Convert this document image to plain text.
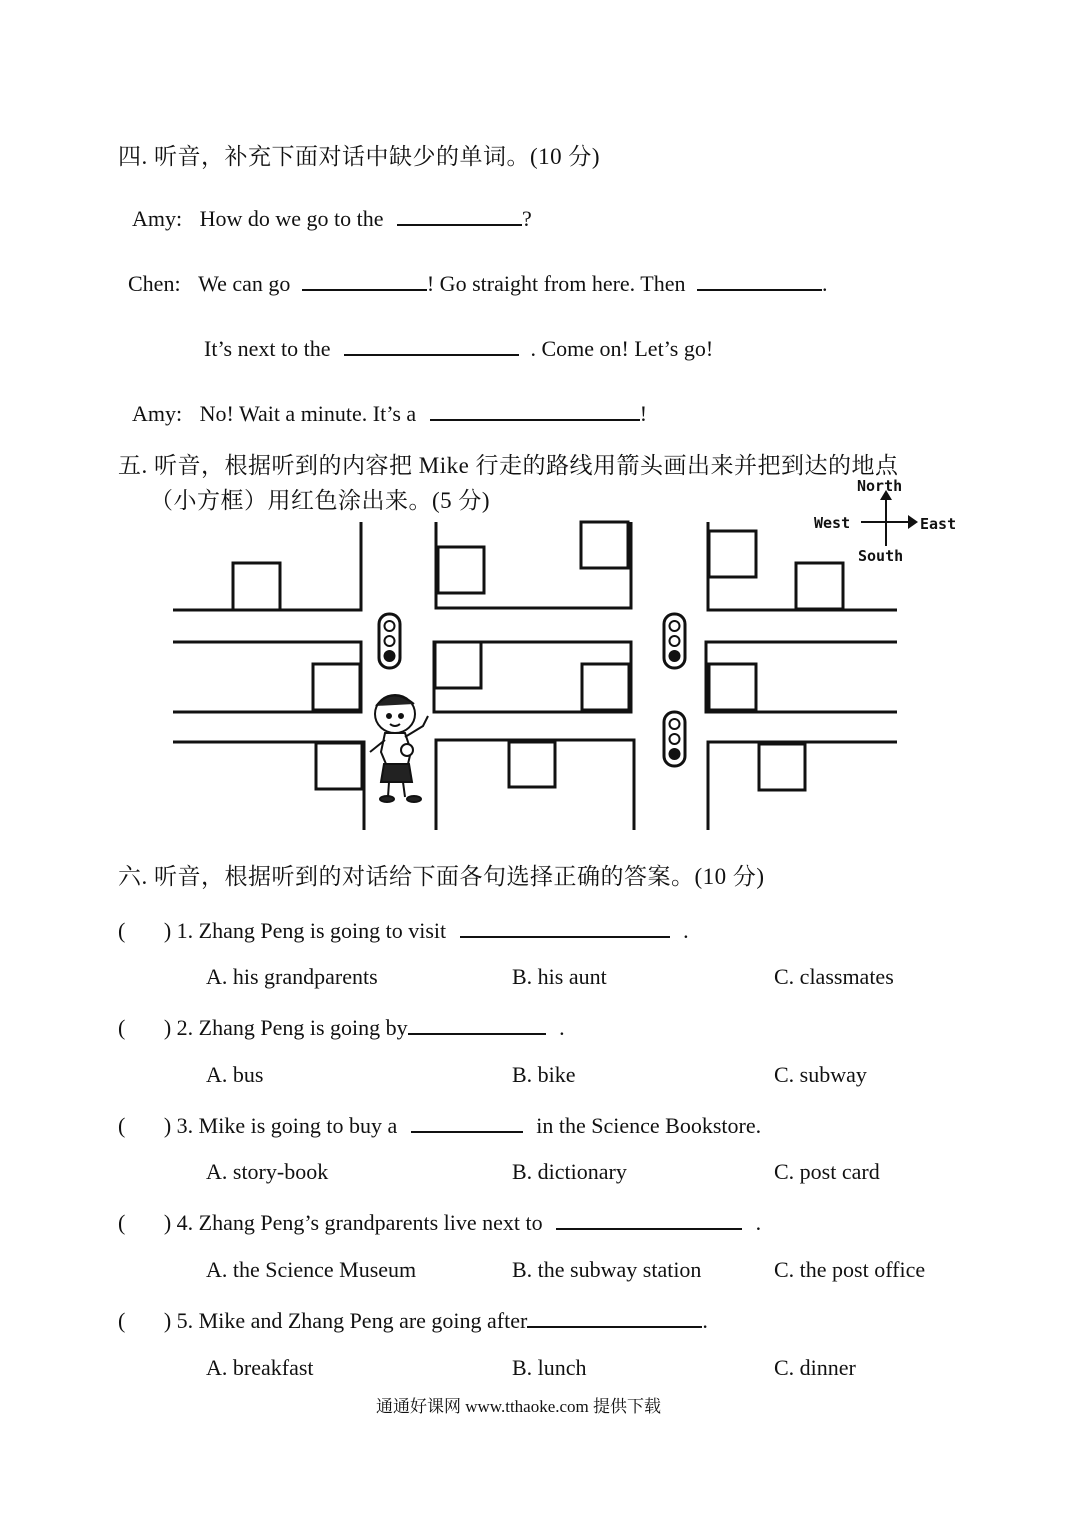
四. 听音，补充下面对话中缺少的单词。(10 分)
Amy: How do we go to the	?
Chen: We can go	! Go straight from here. Then	.
It’s next to the	. Come on! Let’s go!
Amy: No! Wait a minute. It’s a	!
五. 听音，根据听到的内容把 Mike 行走的路线用箭头画出来并把到达的地点
（小方框）用红色涂出来。(5 分)
North
West	East
South
六. 听音，根据听到的对话给下面各句选择正确的答案。(10 分)
(       ) 1. Zhang Peng is going to visit	.
A. his grandparents	B. his aunt	C. classmates
(       ) 2. Zhang Peng is going by	.
A. bus	B. bike	C. subway
(       ) 3. Mike is going to buy a	in the Science Bookstore.
A. story-book	B. dictionary	C. post card
(       ) 4. Zhang Peng’s grandparents live next to	.
A. the Science Museum	B. the subway station	C. the post office
(       ) 5. Mike and Zhang Peng are going after	.
A. breakfast	B. lunch	C. dinner
通通好课网 www.tthaoke.com 提供下载
